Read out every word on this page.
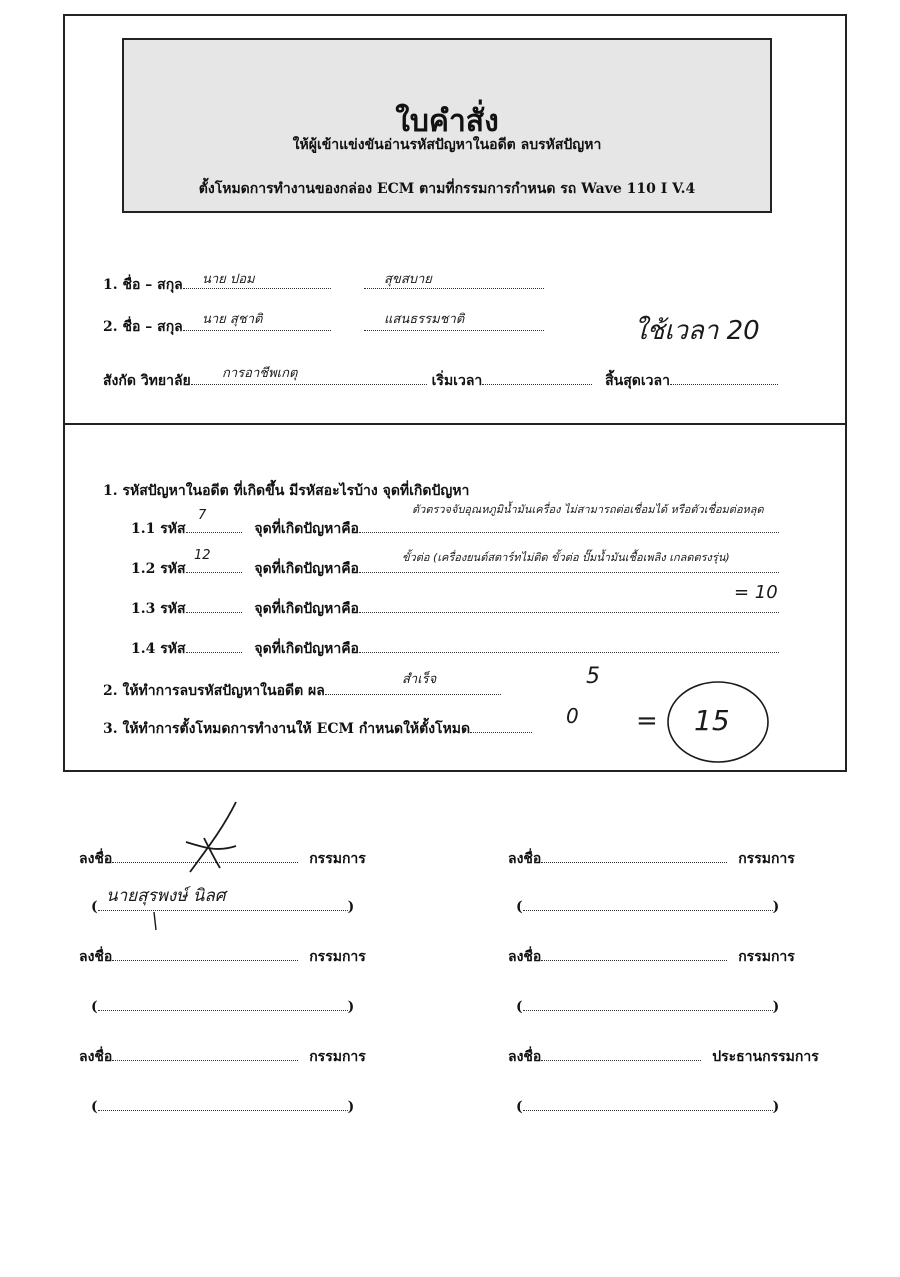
ใบคำสั่ง
ให้ผู้เข้าแข่งขันอ่านรหัสปัญหาในอดีต ลบรหัสปัญหา
ตั้งโหมดการทำงานของกล่อง ECM ตามที่กรรมการกำหนด รถ Wave 110 I V.4
1. ชื่อ – สกุล	นาย ปอม	สุขสบาย
2. ชื่อ – สกุล	นาย สุชาติ	แสนธรรมชาติ	ใช้เวลา 20
สังกัด วิทยาลัย	เริ่มเวลา	สิ้นสุดเวลา
การอาชีพเกตุ
1. รหัสปัญหาในอดีต ที่เกิดขึ้น มีรหัสอะไรบ้าง จุดที่เกิดปัญหา
1.1 รหัส	จุดที่เกิดปัญหาคือ
7	ตัวตรวจจับอุณหภูมิน้ำมันเครื่อง ไม่สามารถต่อเชื่อมได้ หรือตัวเชื่อมต่อหลุด
1.2 รหัส	จุดที่เกิดปัญหาคือ
12	ขั้วต่อ (เครื่องยนต์สตาร์ทไม่ติด ขั้วต่อ ปั๊มน้ำมันเชื้อเพลิง เกลดตรงรุ่น)
= 10
1.3 รหัส	จุดที่เกิดปัญหาคือ
1.4 รหัส	จุดที่เกิดปัญหาคือ
2. ให้ทำการลบรหัสปัญหาในอดีต ผล
สำเร็จ	5
3. ให้ทำการตั้งโหมดการทำงานให้ ECM กำหนดให้ตั้งโหมด
0 = 15
ลงชื่อ	กรรมการ
(	)
นายสุรพงษ์ นิลศ
ลงชื่อ	กรรมการ
(	)
ลงชื่อ	กรรมการ
(	)
ลงชื่อ	กรรมการ
(	)
ลงชื่อ	กรรมการ
(	)
ลงชื่อ	ประธานกรรมการ
(	)
